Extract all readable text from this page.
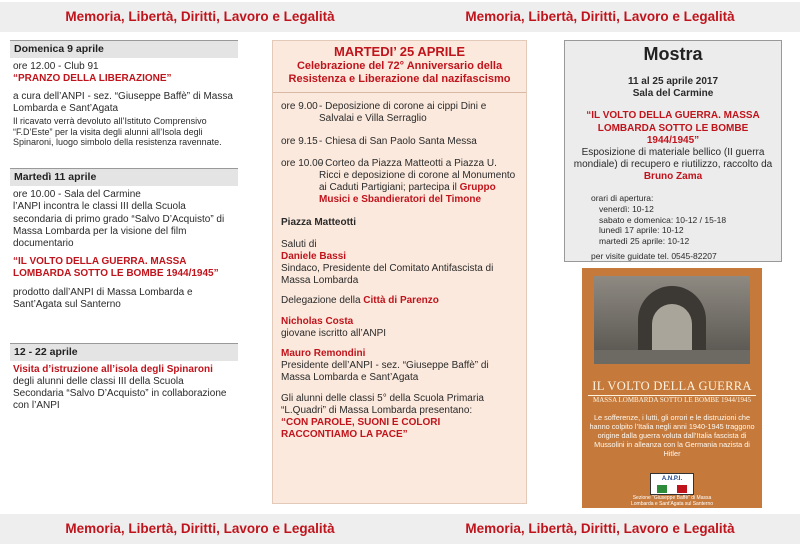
Memoria, Libertà, Diritti, Lavoro e Legalità	Memoria, Libertà, Diritti, Lavoro e Legalità
Domenica 9 aprile

ore 12.00 - Club 91

“PRANZO DELLA LIBERAZIONE”

a cura dell’ANPI - sez. “Giuseppe Baffè” di Massa Lombarda e Sant’Agata

Il ricavato verrà devoluto all’Istituto Comprensivo “F.D’Este” per la visita degli alunni all’Isola degli Spinaroni, luogo simbolo della resistenza ravennate.

Martedì 11 aprile

ore 10.00 - Sala del Carmine

l’ANPI incontra le classi III della Scuola secondaria di primo grado “Salvo D’Acquisto” di Massa Lombarda per la visione del film documentario

“IL VOLTO DELLA GUERRA. MASSA LOMBARDA SOTTO LE BOMBE 1944/1945”

prodotto dall’ANPI di Massa Lombarda e Sant’Agata sul Santerno

12 - 22 aprile

Visita d’istruzione all’isola degli Spinaroni

degli alunni delle classi III della Scuola Secondaria “Salvo D’Acquisto” in collaborazione con l’ANPI

MARTEDI’ 25 APRILE
Celebrazione del 72° Anniversario della Resistenza e Liberazione dal nazifascismo
ore 9.00 - Deposizione di corone ai cippi Dini e Salvalai e Villa Serraglio
ore 9.15 - Chiesa di San Paolo Santa Messa
ore 10.00
- Corteo da Piazza Matteotti a Piazza U. Ricci e deposizione di corone al Monumento ai Caduti Partigiani; partecipa il Gruppo Musici e Sbandieratori del Timone
Piazza Matteotti
Saluti di
Daniele Bassi
Sindaco, Presidente del Comitato Antifascista di Massa Lombarda
Delegazione della Città di Parenzo
Nicholas Costa
giovane iscritto all’ANPI
Mauro Remondini
Presidente dell’ANPI - sez. “Giuseppe Baffè” di Massa Lombarda e Sant’Agata
Gli alunni delle classi 5° della Scuola Primaria “L.Quadri” di Massa Lombarda presentano:
“CON PAROLE, SUONI E COLORI RACCONTIAMO LA PACE”
Mostra
11 al 25 aprile 2017
Sala del Carmine
“IL VOLTO DELLA GUERRA. MASSA LOMBARDA SOTTO LE BOMBE 1944/1945”
Esposizione di materiale bellico (II guerra mondiale) di recupero e riutilizzo, raccolto da Bruno Zama
orari di apertura:
venerdì: 10-12
sabato e domenica: 10-12 / 15-18
lunedì 17 aprile: 10-12
martedì 25 aprile: 10-12
per visite guidate tel. 0545-82207
IL VOLTO DELLA GUERRA
MASSA LOMBARDA SOTTO LE BOMBE 1944/1945
Le sofferenze, i lutti, gli orrori e le distruzioni che hanno colpito l’Italia negli anni 1940-1945 traggono origine dalla guerra voluta dall’Italia fascista di Mussolini in alleanza con la Germania nazista di Hitler
A.N.P.I.
Sezione “Giuseppe Baffè” di Massa Lombarda e Sant’Agata sul Santerno
Memoria, Libertà, Diritti, Lavoro e Legalità	Memoria, Libertà, Diritti, Lavoro e Legalità
